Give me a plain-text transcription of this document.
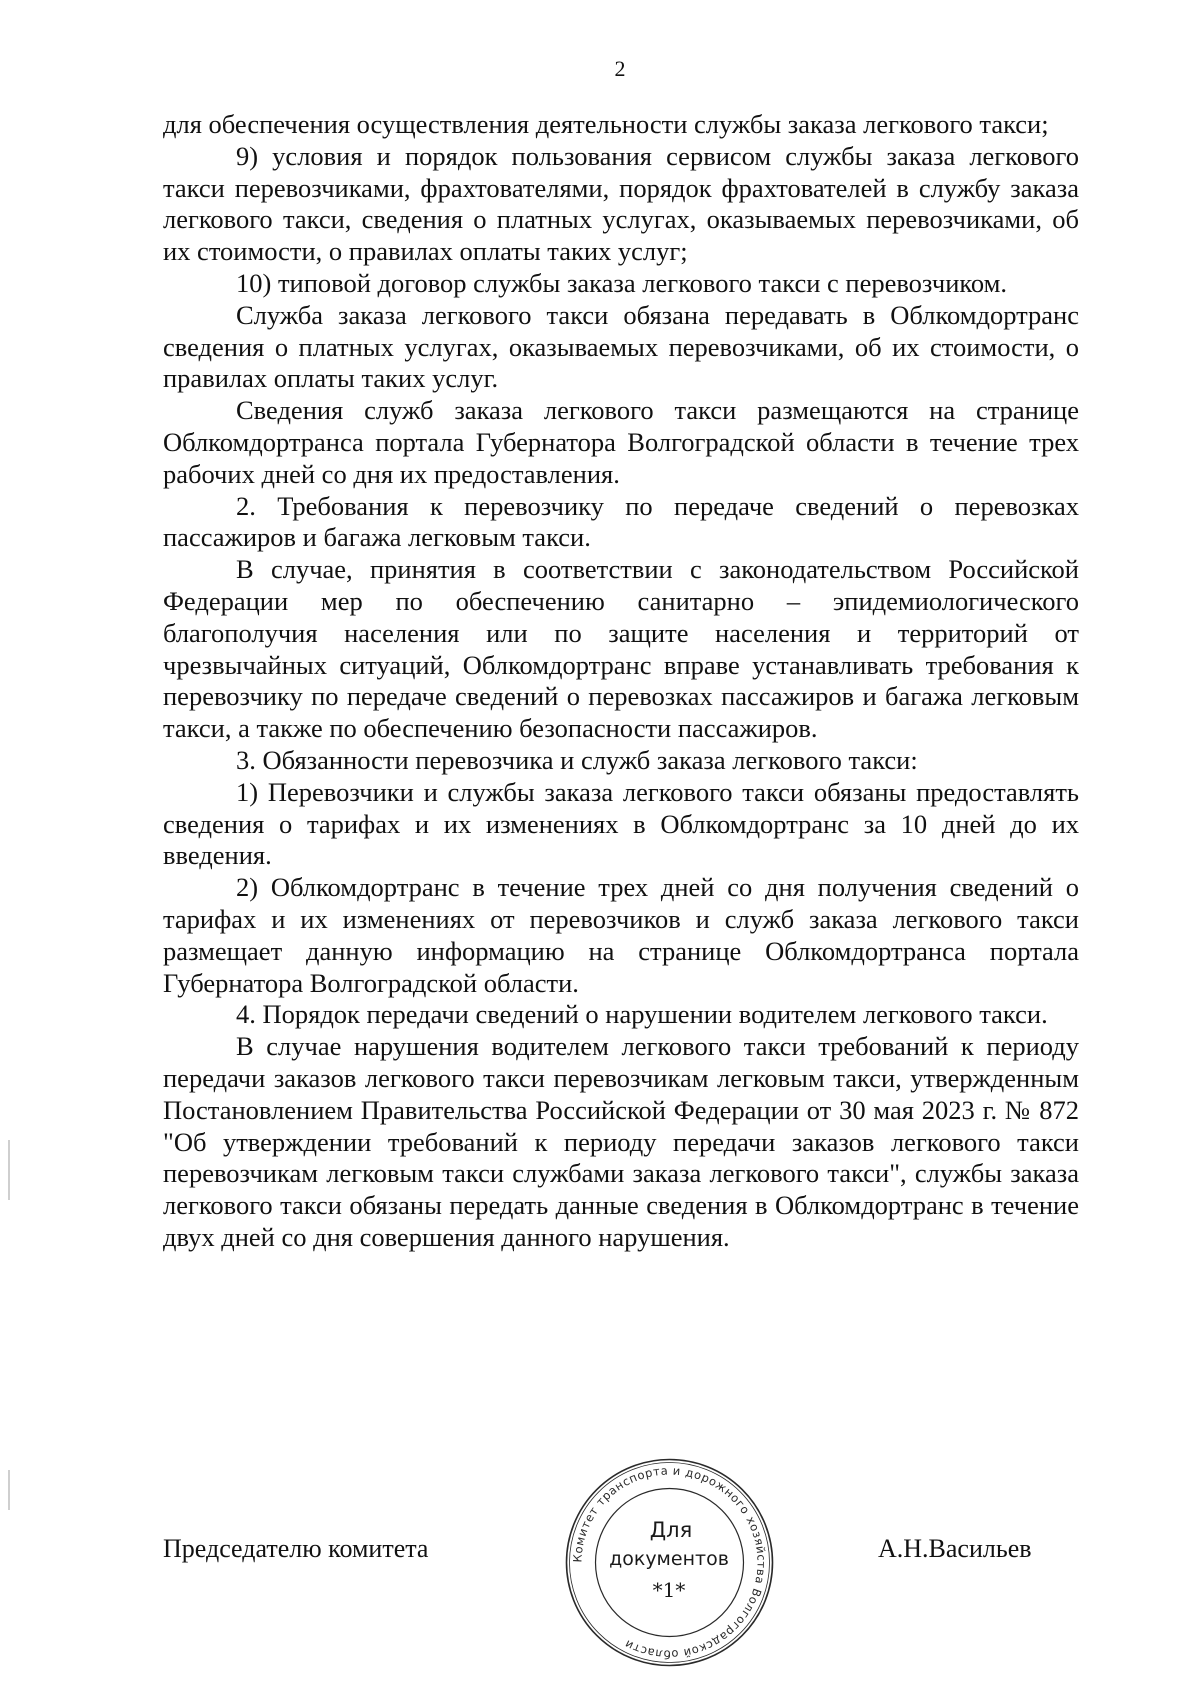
2

для обеспечения осуществления деятельности службы заказа легкового такси;

9) условия и порядок пользования сервисом службы заказа легкового такси перевозчиками, фрахтователями, порядок фрахтователей в службу заказа легкового такси, сведения о платных услугах, оказываемых перевозчиками, об их стоимости, о правилах оплаты таких услуг;

10) типовой договор службы заказа легкового такси с перевозчиком.

Служба заказа легкового такси обязана передавать в Облкомдортранс сведения о платных услугах, оказываемых перевозчиками, об их стоимости, о правилах оплаты таких услуг.

Сведения служб заказа легкового такси размещаются на странице Облкомдортранса портала Губернатора Волгоградской области в течение трех рабочих дней со дня их предоставления.

2. Требования к перевозчику по передаче сведений о перевозках пассажиров и багажа легковым такси.

В случае, принятия в соответствии с законодательством Российской Федерации мер по обеспечению санитарно – эпидемиологического благополучия населения или по защите населения и территорий от чрезвычайных ситуаций, Облкомдортранс вправе устанавливать требования к перевозчику по передаче сведений о перевозках пассажиров и багажа легковым такси, а также по обеспечению безопасности пассажиров.

3. Обязанности перевозчика и служб заказа легкового такси:

1) Перевозчики и службы заказа легкового такси обязаны предоставлять сведения о тарифах и их изменениях в Облкомдортранс за 10 дней до их введения.

2) Облкомдортранс в течение трех дней со дня получения сведений о тарифах и их изменениях от перевозчиков и служб заказа легкового такси размещает данную информацию на странице Облкомдортранса портала Губернатора Волгоградской области.

4. Порядок передачи сведений о нарушении водителем легкового такси.

В случае нарушения водителем легкового такси требований к периоду передачи заказов легкового такси перевозчикам легковым такси, утвержденным Постановлением Правительства Российской Федерации от 30 мая 2023 г. № 872 "Об утверждении требований к периоду передачи заказов легкового такси перевозчикам легковым такси службами заказа легкового такси", службы заказа легкового такси обязаны передать данные сведения в Облкомдортранс в течение двух дней со дня совершения данного нарушения.

Председателю комитета	Комитет транспорта и дорожного хозяйства Волгоградской области
Для
документов
*1*
А.Н.Васильев
